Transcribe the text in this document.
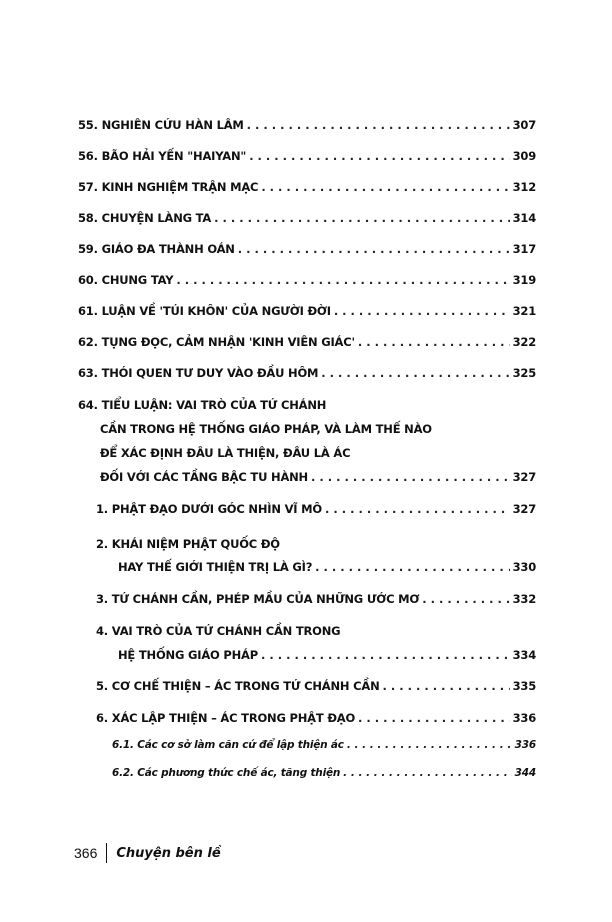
55. NGHIÊN CỨU HÀN LÂM . . .	307
56. BÃO HẢI YẾN "HAIYAN" . . .	309
57. KINH NGHIỆM TRẬN MẠC . . .	312
58. CHUYỆN LÀNG TA . . .	314
59. GIÁO ĐA THÀNH OÁN . . .	317
60. CHUNG TAY . . .	319
61. LUẬN VỀ 'TÚI KHÔN' CỦA NGƯỜI ĐỜI . . .	321
62. TỤNG ĐỌC, CẢM NHẬN 'KINH VIÊN GIÁC' . . .	322
63. THÓI QUEN TƯ DUY VÀO ĐẦU HÔM . . .	325
64. TIỂU LUẬN: VAI TRÒ CỦA TỨ CHÁNH
CẦN TRONG HỆ THỐNG GIÁO PHÁP, VÀ LÀM THẾ NÀO
ĐỂ XÁC ĐỊNH ĐÂU LÀ THIỆN, ĐÂU LÀ ÁC
ĐỐI VỚI CÁC TẦNG BẬC TU HÀNH . . .	327
1. PHẬT ĐẠO DƯỚI GÓC NHÌN VĨ MÔ . . .	327
2. KHÁI NIỆM PHẬT QUỐC ĐỘ
HAY THẾ GIỚI THIỆN TRỊ LÀ GÌ? . . .	330
3. TỨ CHÁNH CẦN, PHÉP MẦU CỦA NHỮNG ƯỚC MƠ . . .	332
4. VAI TRÒ CỦA TỨ CHÁNH CẦN TRONG
HỆ THỐNG GIÁO PHÁP . . .	334
5. CƠ CHẾ THIỆN – ÁC TRONG TỨ CHÁNH CẦN . . .	335
6. XÁC LẬP THIỆN – ÁC TRONG PHẬT ĐẠO . . .	336
6.1. Các cơ sở làm căn cứ để lập thiện ác . . .	336
6.2. Các phương thức chế ác, tăng thiện . . .	344
366 Chuyện bên lề
